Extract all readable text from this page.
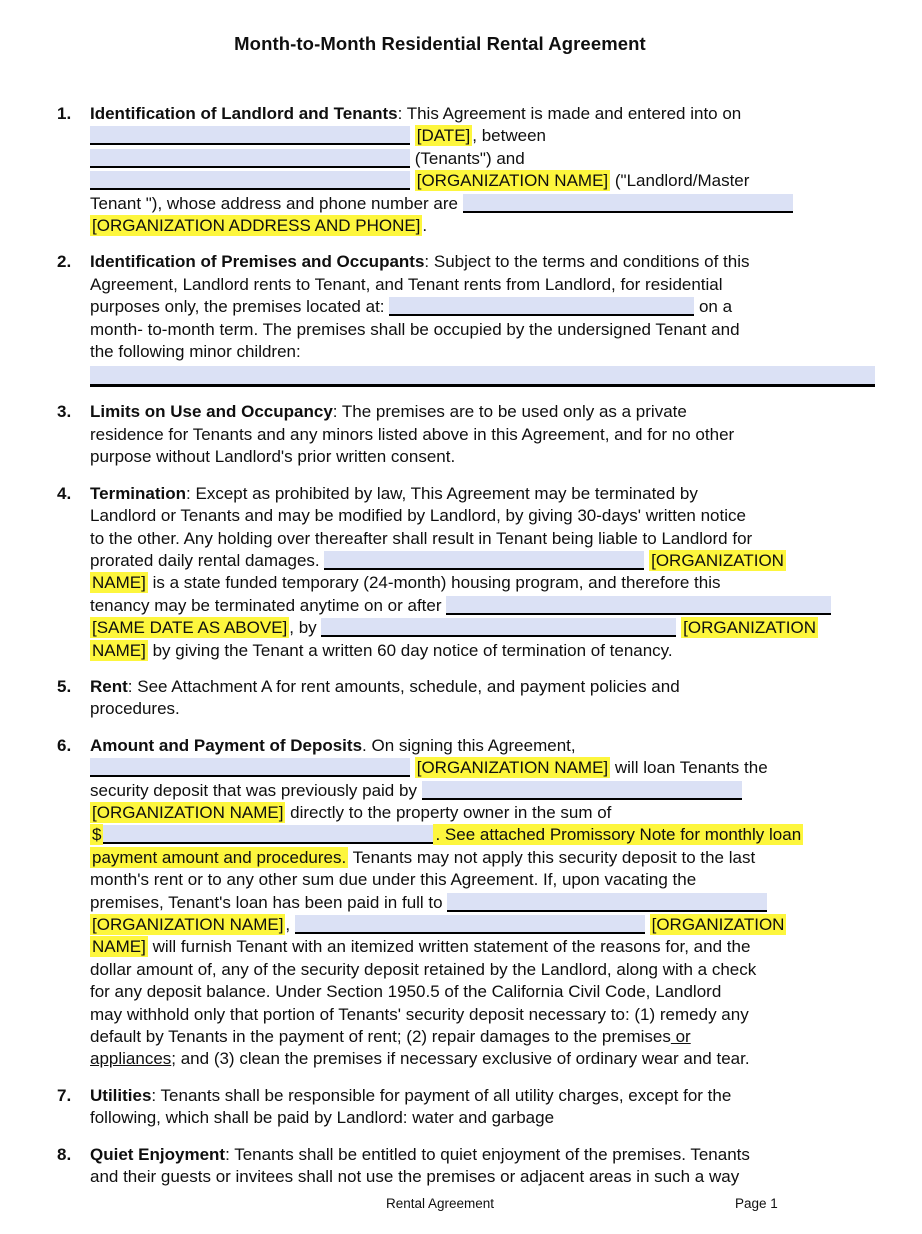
Month-to-Month Residential Rental Agreement
1.	Identification of Landlord and Tenants: This Agreement is made and entered into on
[DATE] , between
(Tenants") and
[ORGANIZATION NAME] ("Landlord/Master
Tenant "), whose address and phone number are
[ORGANIZATION ADDRESS AND PHONE] .
2.	Identification of Premises and Occupants: Subject to the terms and conditions of this
Agreement, Landlord rents to Tenant, and Tenant rents from Landlord, for residential
purposes only, the premises located at:	on a
month- to-month term. The premises shall be occupied by the undersigned Tenant and
the following minor children:
3.	Limits on Use and Occupancy: The premises are to be used only as a private
residence for Tenants and any minors listed above in this Agreement, and for no other
purpose without Landlord's prior written consent.
4.	Termination: Except as prohibited by law, This Agreement may be terminated by
Landlord or Tenants and may be modified by Landlord, by giving 30-days' written notice
to the other. Any holding over thereafter shall result in Tenant being liable to Landlord for
prorated daily rental damages.	[ORGANIZATION
NAME] is a state funded temporary (24-month) housing program, and therefore this
tenancy may be terminated anytime on or after
[SAME DATE AS ABOVE] , by	[ORGANIZATION
NAME] by giving the Tenant a written 60 day notice of termination of tenancy.
5.	Rent: See Attachment A for rent amounts, schedule, and payment policies and
procedures.
6.	Amount and Payment of Deposits. On signing this Agreement,
[ORGANIZATION NAME] will loan Tenants the
security deposit that was previously paid by
[ORGANIZATION NAME] directly to the property owner in the sum of
$	. See attached Promissory Note for monthly loan
payment amount and procedures. Tenants may not apply this security deposit to the last
month's rent or to any other sum due under this Agreement. If, upon vacating the
premises, Tenant's loan has been paid in full to
[ORGANIZATION NAME] ,	[ORGANIZATION
NAME] will furnish Tenant with an itemized written statement of the reasons for, and the
dollar amount of, any of the security deposit retained by the Landlord, along with a check
for any deposit balance. Under Section 1950.5 of the California Civil Code, Landlord
may withhold only that portion of Tenants' security deposit necessary to: (1) remedy any
default by Tenants in the payment of rent; (2) repair damages to the premises or
appliances; and (3) clean the premises if necessary exclusive of ordinary wear and tear.
7.	Utilities: Tenants shall be responsible for payment of all utility charges, except for the
following, which shall be paid by Landlord: water and garbage
8.	Quiet Enjoyment: Tenants shall be entitled to quiet enjoyment of the premises. Tenants
and their guests or invitees shall not use the premises or adjacent areas in such a way
Rental Agreement	Page 1
